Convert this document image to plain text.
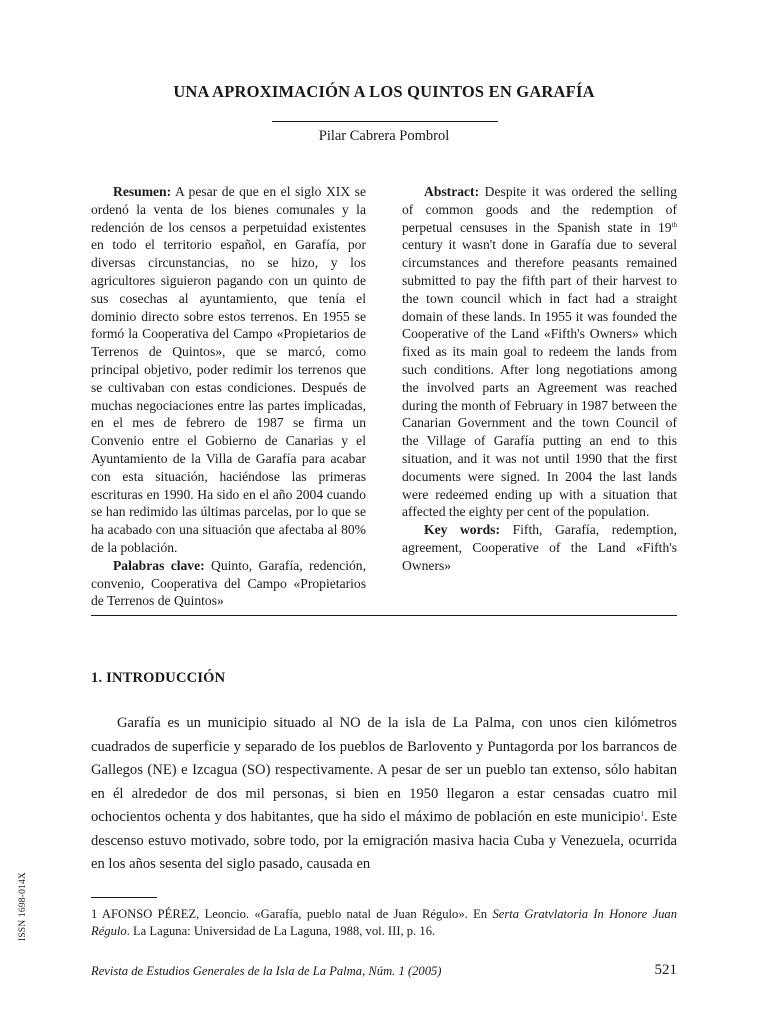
UNA APROXIMACIÓN A LOS QUINTOS EN GARAFÍA
Pilar Cabrera Pombrol

Resumen: A pesar de que en el siglo XIX se ordenó la venta de los bienes comunales y la redención de los censos a perpetuidad existentes en todo el territorio español, en Garafía, por diversas circunstancias, no se hizo, y los agricultores siguieron pagando con un quinto de sus cosechas al ayuntamiento, que tenía el dominio directo sobre estos terrenos. En 1955 se formó la Cooperativa del Campo «Propietarios de Terrenos de Quintos», que se marcó, como principal objetivo, poder redimir los terrenos que se cultivaban con estas condiciones. Después de muchas negociaciones entre las partes implicadas, en el mes de febrero de 1987 se firma un Convenio entre el Gobierno de Canarias y el Ayuntamiento de la Villa de Garafía para acabar con esta situación, haciéndose las primeras escrituras en 1990. Ha sido en el año 2004 cuando se han redimido las últimas parcelas, por lo que se ha acabado con una situación que afectaba al 80% de la población.

Palabras clave: Quinto, Garafía, redención, convenio, Cooperativa del Campo «Propietarios de Terrenos de Quintos»

Abstract: Despite it was ordered the selling of common goods and the redemption of perpetual censuses in the Spanish state in 19th century it wasn't done in Garafía due to several circumstances and therefore peasants remained submitted to pay the fifth part of their harvest to the town council which in fact had a straight domain of these lands. In 1955 it was founded the Cooperative of the Land «Fifth's Owners» which fixed as its main goal to redeem the lands from such conditions. After long negotiations among the involved parts an Agreement was reached during the month of February in 1987 between the Canarian Government and the town Council of the Village of Garafía putting an end to this situation, and it was not until 1990 that the first documents were signed. In 2004 the last lands were redeemed ending up with a situation that affected the eighty per cent of the population.

Key words: Fifth, Garafía, redemption, agreement, Cooperative of the Land «Fifth's Owners»

1. INTRODUCCIÓN

Garafía es un municipio situado al NO de la isla de La Palma, con unos cien kilómetros cuadrados de superficie y separado de los pueblos de Barlovento y Puntagorda por los barrancos de Gallegos (NE) e Izcagua (SO) respectivamente. A pesar de ser un pueblo tan extenso, sólo habitan en él alrededor de dos mil personas, si bien en 1950 llegaron a estar censadas cuatro mil ochocientos ochenta y dos habitantes, que ha sido el máximo de población en este municipio$^1$. Este descenso estuvo motivado, sobre todo, por la emigración masiva hacia Cuba y Venezuela, ocurrida en los años sesenta del siglo pasado, causada en

1 AFONSO PÉREZ, Leoncio. «Garafía, pueblo natal de Juan Régulo». En Serta Gratvlatoria In Honore Juan Régulo. La Laguna: Universidad de La Laguna, 1988, vol. III, p. 16.

ISSN 1698-014X
Revista de Estudios Generales de la Isla de La Palma, Núm. 1 (2005)	521
